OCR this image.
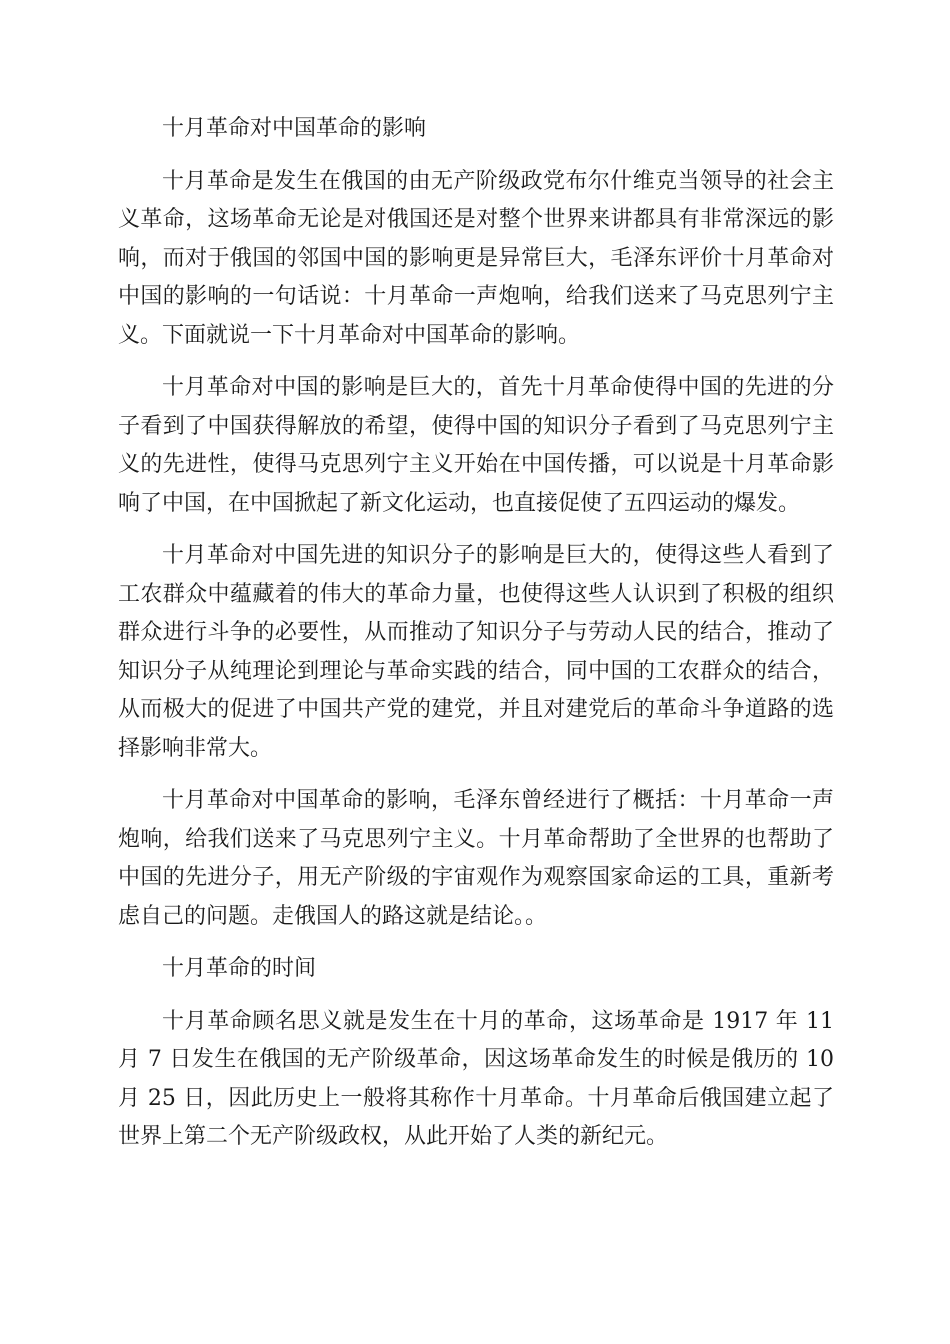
十月革命对中国革命的影响

十月革命是发生在俄国的由无产阶级政党布尔什维克当领导的社会主义革命，这场革命无论是对俄国还是对整个世界来讲都具有非常深远的影响，而对于俄国的邻国中国的影响更是异常巨大，毛泽东评价十月革命对中国的影响的一句话说：十月革命一声炮响，给我们送来了马克思列宁主义。下面就说一下十月革命对中国革命的影响。

十月革命对中国的影响是巨大的，首先十月革命使得中国的先进的分子看到了中国获得解放的希望，使得中国的知识分子看到了马克思列宁主义的先进性，使得马克思列宁主义开始在中国传播，可以说是十月革命影响了中国，在中国掀起了新文化运动，也直接促使了五四运动的爆发。

十月革命对中国先进的知识分子的影响是巨大的，使得这些人看到了工农群众中蕴藏着的伟大的革命力量，也使得这些人认识到了积极的组织群众进行斗争的必要性，从而推动了知识分子与劳动人民的结合，推动了知识分子从纯理论到理论与革命实践的结合，同中国的工农群众的结合，从而极大的促进了中国共产党的建党，并且对建党后的革命斗争道路的选择影响非常大。

十月革命对中国革命的影响，毛泽东曾经进行了概括：十月革命一声炮响，给我们送来了马克思列宁主义。十月革命帮助了全世界的也帮助了中国的先进分子，用无产阶级的宇宙观作为观察国家命运的工具，重新考虑自己的问题。走俄国人的路这就是结论。。

十月革命的时间

十月革命顾名思义就是发生在十月的革命，这场革命是 1917 年 11 月 7 日发生在俄国的无产阶级革命，因这场革命发生的时候是俄历的 10 月 25 日，因此历史上一般将其称作十月革命。十月革命后俄国建立起了世界上第二个无产阶级政权，从此开始了人类的新纪元。
